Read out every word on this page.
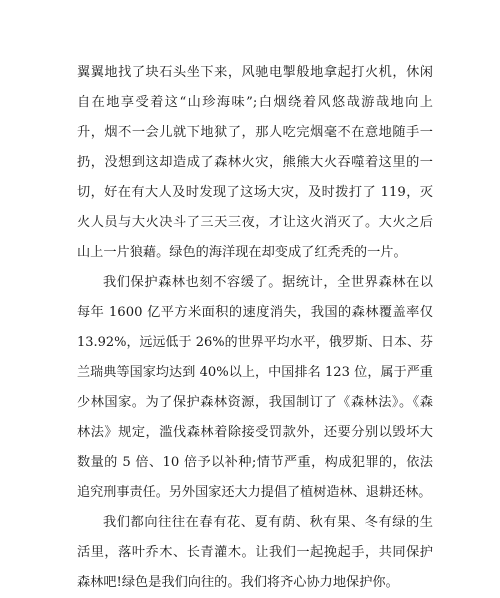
翼翼地找了块石头坐下来，风驰电掣般地拿起打火机，休闲
自在地享受着这“山珍海味”;白烟绕着风悠哉游哉地向上
升，烟不一会儿就下地狱了，那人吃完烟毫不在意地随手一
扔，没想到这却造成了森林火灾，熊熊大火吞噬着这里的一
切，好在有大人及时发现了这场大灾，及时拨打了 119，灭
火人员与大火决斗了三天三夜，才让这火消灭了。大火之后
山上一片狼藉。绿色的海洋现在却变成了红秃秃的一片。
我们保护森林也刻不容缓了。据统计，全世界森林在以
每年 1600 亿平方米面积的速度消失，我国的森林覆盖率仅
13.92%，远远低于 26%的世界平均水平，俄罗斯、日本、芬
兰瑞典等国家均达到 40%以上，中国排名 123 位，属于严重
少林国家。为了保护森林资源，我国制订了《森林法》。《森
林法》规定，滥伐森林着除接受罚款外，还要分别以毁坏大
数量的 5 倍、10 倍予以补种;情节严重，构成犯罪的，依法
追究刑事责任。另外国家还大力提倡了植树造林、退耕还林。
我们都向往往在春有花、夏有荫、秋有果、冬有绿的生
活里，落叶乔木、长青灌木。让我们一起挽起手，共同保护
森林吧!绿色是我们向往的。我们将齐心协力地保护你。
